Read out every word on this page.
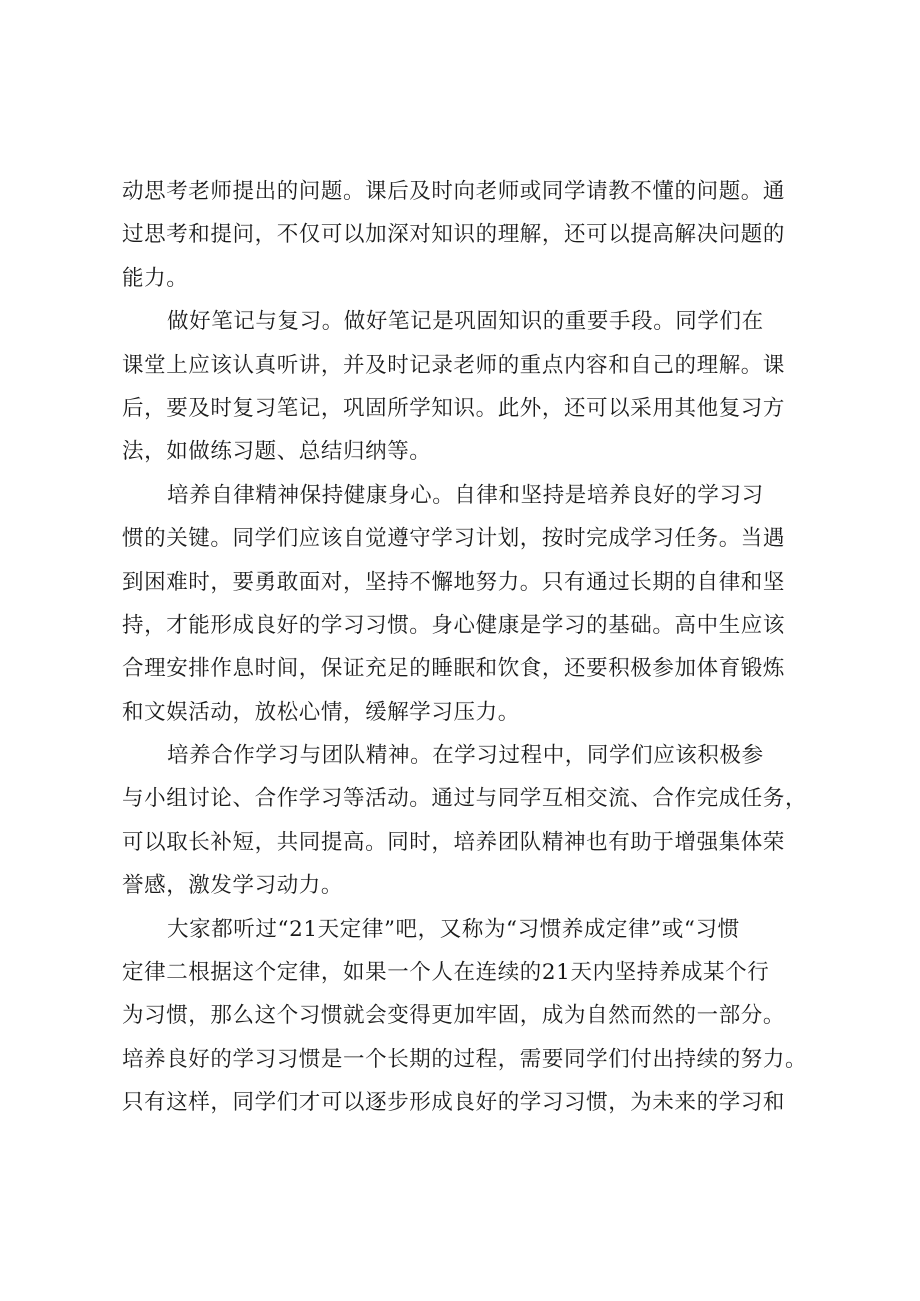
动思考老师提出的问题。课后及时向老师或同学请教不懂的问题。通
过思考和提问，不仅可以加深对知识的理解，还可以提高解决问题的
能力。
做好笔记与复习。做好笔记是巩固知识的重要手段。同学们在
课堂上应该认真听讲，并及时记录老师的重点内容和自己的理解。课
后，要及时复习笔记，巩固所学知识。此外，还可以采用其他复习方
法，如做练习题、总结归纳等。
培养自律精神保持健康身心。自律和坚持是培养良好的学习习
惯的关键。同学们应该自觉遵守学习计划，按时完成学习任务。当遇
到困难时，要勇敢面对，坚持不懈地努力。只有通过长期的自律和坚
持，才能形成良好的学习习惯。身心健康是学习的基础。高中生应该
合理安排作息时间，保证充足的睡眠和饮食，还要积极参加体育锻炼
和文娱活动，放松心情，缓解学习压力。
培养合作学习与团队精神。在学习过程中，同学们应该积极参
与小组讨论、合作学习等活动。通过与同学互相交流、合作完成任务，
可以取长补短，共同提高。同时，培养团队精神也有助于增强集体荣
誉感，激发学习动力。
大家都听过“21天定律”吧，又称为“习惯养成定律”或“习惯
定律二根据这个定律，如果一个人在连续的21天内坚持养成某个行
为习惯，那么这个习惯就会变得更加牢固，成为自然而然的一部分。
培养良好的学习习惯是一个长期的过程，需要同学们付出持续的努力。
只有这样，同学们才可以逐步形成良好的学习习惯，为未来的学习和
